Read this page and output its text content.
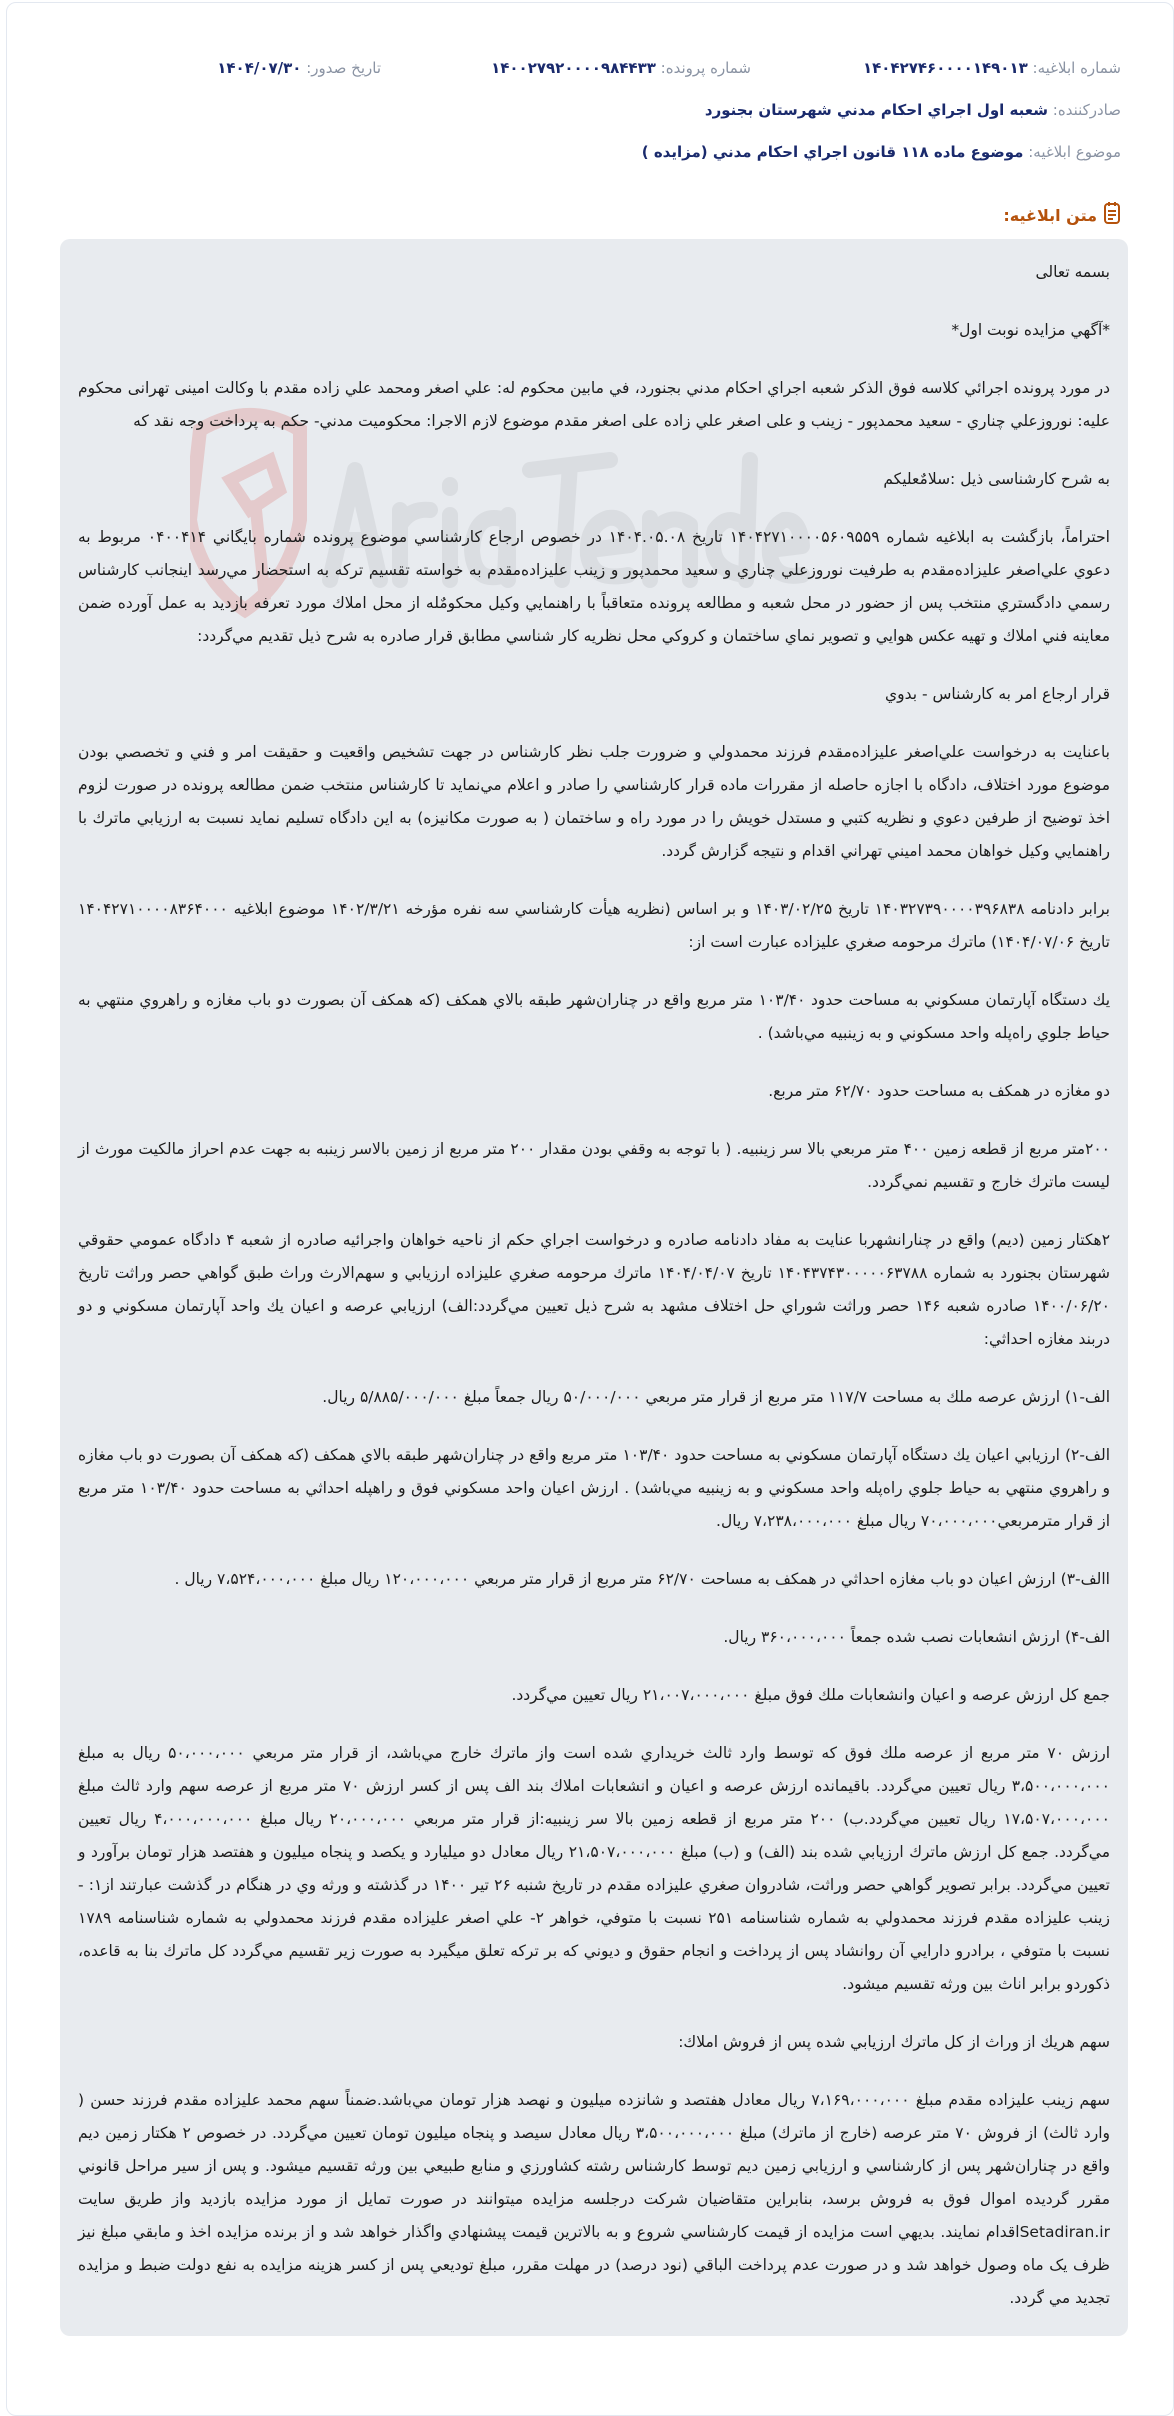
شماره ابلاغیه: ۱۴۰۴۲۷۴۶۰۰۰۰۱۴۹۰۱۳
شماره پرونده: ۱۴۰۰۲۷۹۲۰۰۰۰۹۸۴۴۳۳
تاریخ صدور: ۱۴۰۴/۰۷/۳۰
صادرکننده: شعبه اول اجراي احكام مدني شهرستان بجنورد
موضوع ابلاغیه: موضوع ماده ۱۱۸ قانون اجراي احكام مدني (مزايده )
متن ابلاغیه:

بسمه تعالی

*آگهي مزايده نوبت اول*

در مورد پرونده اجرائي كلاسه فوق الذكر شعبه اجراي احكام مدني بجنورد، في مابين محكوم له: علي اصغر ومحمد علي زاده مقدم با وكالت امینی تهرانی محكوم عليه: نوروزعلي چناري - سعيد محمدپور - زينب و علی اصغر علي زاده علی اصغر مقدم موضوع لازم الاجرا: محكوميت مدني- حكم به پرداخت وجه نقد كه

به شرح كارشناسی ذيل :سلامٌعليكم

احتراماً، بازگشت به ابلاغيه شماره ۱۴۰۴۲۷۱۰۰۰۰۵۶۰۹۵۵۹ تاريخ ۱۴۰۴.۰۵.۰۸ در خصوص ارجاع كارشناسي موضوع پرونده شماره بايگاني ۰۴۰۰۴۱۴ مربوط به دعوي علي‌اصغر عليزاده‌مقدم به طرفيت نوروزعلي چناري و سعيد محمدپور و زينب عليزاده‌مقدم به خواسته تقسيم تركه به استحضار مي‌رسد اينجانب كارشناس رسمي دادگستري منتخب پس از حضور در محل شعبه و مطالعه پرونده متعاقباً با راهنمايي وكيل محكومٌله از محل املاك مورد تعرفه بازديد به عمل آورده ضمن معاينه فني املاك و تهيه عكس هوايي و تصوير نماي ساختمان و كروكي محل نظريه كار شناسي مطابق قرار صادره به شرح ذيل تقديم مي‌گردد:

قرار ارجاع امر به كارشناس - بدوي

باعنايت به درخواست علي‌اصغر عليزاده‌مقدم فرزند محمدولي و ضرورت جلب نظر كارشناس در جهت تشخيص واقعيت و حقيقت امر و فني و تخصصي بودن موضوع مورد اختلاف، دادگاه با اجازه حاصله از مقررات ماده قرار كارشناسي را صادر و اعلام مي‌نمايد تا كارشناس منتخب ضمن مطالعه پرونده در صورت لزوم اخذ توضيح از طرفين دعوي و نظريه كتبي و مستدل خويش را در مورد راه و ساختمان ( به صورت مكانيزه) به اين دادگاه تسليم نمايد نسبت به ارزيابي ماترك با راهنمايي وكيل خواهان محمد اميني تهراني اقدام و نتيجه گزارش گردد.

برابر دادنامه ۱۴۰۳۲۷۳۹۰۰۰۰۳۹۶۸۳۸ تاريخ ۱۴۰۳/۰۲/۲۵ و بر اساس (نظريه هيأت كارشناسي سه نفره مؤرخه ۱۴۰۲/۳/۲۱ موضوع ابلاغيه ۱۴۰۴۲۷۱۰۰۰۰۸۳۶۴۰۰۰ تاريخ ۱۴۰۴/۰۷/۰۶) ماترك مرحومه صغري عليزاده عبارت است از:

يك دستگاه آپارتمان مسكوني به مساحت حدود ۱۰۳/۴۰ متر مربع واقع در چناران‌شهر طبقه بالاي همكف (كه همكف آن بصورت دو باب مغازه و راهروي منتهي به حياط جلوي راه‌پله واحد مسكوني و به زينبيه مي‌باشد) .

دو مغازه در همكف به مساحت حدود ۶۲/۷۰ متر مربع.

۲۰۰متر مربع از قطعه زمين ۴۰۰ متر مربعي بالا سر زينبيه. ( با توجه به وقفي بودن مقدار ۲۰۰ متر مربع از زمين بالاسر زينبه به جهت عدم احراز مالكيت مورث از ليست ماترك خارج و تقسيم نمي‌گردد.

۲هكتار زمين (ديم) واقع در چنارانشهربا عنايت به مفاد دادنامه صادره و درخواست اجراي حكم از ناحيه خواهان واجرائيه صادره از شعبه ۴ دادگاه عمومي حقوقي شهرستان بجنورد به شماره ۱۴۰۴۳۷۴۳۰۰۰۰۰۶۳۷۸۸ تاريخ ۱۴۰۴/۰۴/۰۷ ماترك مرحومه صغري عليزاده ارزيابي و سهم‌الارث وراث طبق گواهي حصر وراثت تاريخ ۱۴۰۰/۰۶/۲۰ صادره شعبه ۱۴۶ حصر وراثت شوراي حل اختلاف مشهد به شرح ذيل تعيين مي‌گردد:الف) ارزيابي عرصه و اعيان يك واحد آپارتمان مسكوني و دو دربند مغازه احداثي:

الف-۱) ارزش عرصه ملك به مساحت ۱۱۷/۷ متر مربع از قرار متر مربعي ۵۰/۰۰۰/۰۰۰ ريال جمعاً مبلغ ۵/۸۸۵/۰۰۰/۰۰۰ ريال.

الف-۲) ارزيابي اعيان يك دستگاه آپارتمان مسكوني به مساحت حدود ۱۰۳/۴۰ متر مربع واقع در چناران‌شهر طبقه بالاي همكف (كه همكف آن بصورت دو باب مغازه و راهروي منتهي به حياط جلوي راه‌پله واحد مسكوني و به زينبيه مي‌باشد) . ارزش اعيان واحد مسكوني فوق و راهپله احداثي به مساحت حدود ۱۰۳/۴۰ متر مربع از قرار مترمربعي۷۰،۰۰۰،۰۰۰ ريال مبلغ ۷،۲۳۸،۰۰۰،۰۰۰ ريال.

االف-۳) ارزش اعيان دو باب مغازه احداثي در همكف به مساحت ۶۲/۷۰ متر مربع از قرار متر مربعي ۱۲۰،۰۰۰،۰۰۰ ريال مبلغ ۷،۵۲۴،۰۰۰،۰۰۰ ريال .

الف-۴) ارزش انشعابات نصب شده جمعاً ۳۶۰،۰۰۰،۰۰۰ ريال.

جمع كل ارزش عرصه و اعيان وانشعابات ملك فوق مبلغ ۲۱،۰۰۷،۰۰۰،۰۰۰ ريال تعيين مي‌گردد.

ارزش ۷۰ متر مربع از عرصه ملك فوق كه توسط وارد ثالث خريداري شده است واز ماترك خارج مي‌باشد، از قرار متر مربعي ۵۰،۰۰۰،۰۰۰ ريال به مبلغ ۳،۵۰۰،۰۰۰،۰۰۰ ريال تعيين مي‌گردد. باقيمانده ارزش عرصه و اعيان و انشعابات املاك بند الف پس از كسر ارزش ۷۰ متر مربع از عرصه سهم وارد ثالث مبلغ ۱۷،۵۰۷،۰۰۰،۰۰۰ ريال تعيين مي‌گردد.ب) ۲۰۰ متر مربع از قطعه زمين بالا سر زينبيه:از قرار متر مربعي ۲۰،۰۰۰،۰۰۰ ريال مبلغ ۴،۰۰۰،۰۰۰،۰۰۰ ريال تعيين مي‌گردد. جمع كل ارزش ماترك ارزيابي شده بند (الف) و (ب) مبلغ ۲۱،۵۰۷،۰۰۰،۰۰۰ ريال معادل دو ميليارد و يكصد و پنجاه ميليون و هفتصد هزار تومان برآورد و تعيين مي‌گردد. برابر تصوير گواهي حصر وراثت، شادروان صغري عليزاده مقدم در تاريخ شنبه ۲۶ تير ۱۴۰۰ در گذشته و ورثه وي در هنگام در گذشت عبارتند از۱: - زينب عليزاده مقدم فرزند محمدولي به شماره شناسنامه ۲۵۱ نسبت با متوفي، خواهر ۲- علي اصغر عليزاده مقدم فرزند محمدولي به شماره شناسنامه ۱۷۸۹ نسبت با متوفي ، برادرو دارايي آن روانشاد پس از پرداخت و انجام حقوق و ديوني كه بر تركه تعلق ميگيرد به صورت زير تقسيم مي‌گردد كل ماترك بنا به قاعده، ذكوردو برابر اناث بين ورثه تقسيم ميشود.

سهم هريك از وراث از كل ماترك ارزيابي شده پس از فروش املاك:

سهم زينب عليزاده مقدم مبلغ ۷،۱۶۹،۰۰۰،۰۰۰ ريال معادل هفتصد و شانزده ميليون و نهصد هزار تومان مي‌باشد.ضمناً سهم محمد عليزاده مقدم فرزند حسن ( وارد ثالث) از فروش ۷۰ متر عرصه (خارج از ماترك) مبلغ ۳،۵۰۰،۰۰۰،۰۰۰ ريال معادل سيصد و پنجاه ميليون تومان تعيين مي‌گردد. در خصوص ۲ هكتار زمين ديم واقع در چناران‌شهر پس از كارشناسي و ارزيابي زمين ديم توسط كارشناس رشته كشاورزي و منابع طبيعي بين ورثه تقسيم ميشود. و پس از سير مراحل قانوني مقرر گرديده اموال فوق به فروش برسد، بنابراين متقاضيان شركت درجلسه مزايده ميتوانند در صورت تمايل از مورد مزايده بازديد واز طريق سايت Setadiran.irاقدام نمايند. بديهي است مزايده از قيمت كارشناسي شروع و به بالاترين قيمت پيشنهادي واگذار خواهد شد و از برنده مزايده اخذ و مابقي مبلغ نيز ظرف يک ماه وصول خواهد شد و در صورت عدم پرداخت الباقي (نود درصد) در مهلت مقرر، مبلغ توديعي پس از كسر هزينه مزايده به نفع دولت ضبط و مزايده تجديد مي گردد.
